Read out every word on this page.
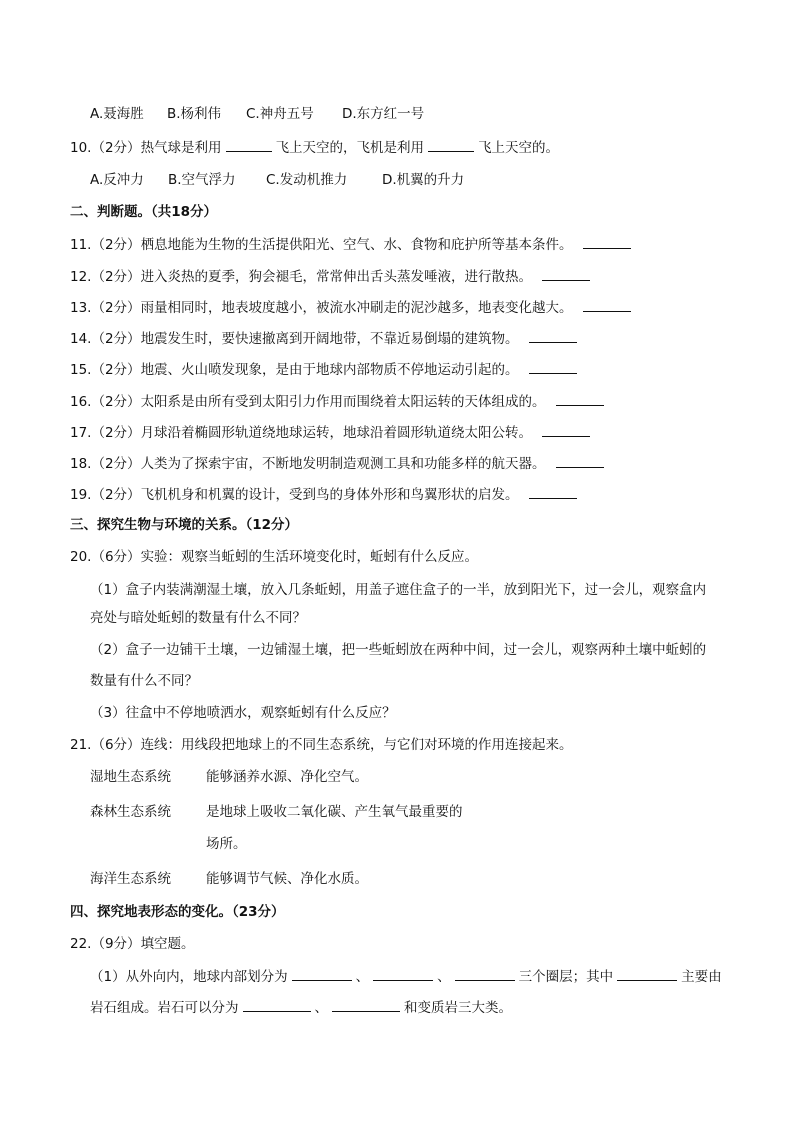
A.聂海胜 B.杨利伟 C.神舟五号 D.东方红一号
10.（2分）热气球是利用	飞上天空的，飞机是利用	飞上天空的。
A.反冲力 B.空气浮力 C.发动机推力	D.机翼的升力
二、判断题。（共18分）
11.（2分）栖息地能为生物的生活提供阳光、空气、水、食物和庇护所等基本条件。
12.（2分）进入炎热的夏季，狗会褪毛，常常伸出舌头蒸发唾液，进行散热。
13.（2分）雨量相同时，地表坡度越小，被流水冲刷走的泥沙越多，地表变化越大。
14.（2分）地震发生时，要快速撤离到开阔地带，不靠近易倒塌的建筑物。
15.（2分）地震、火山喷发现象，是由于地球内部物质不停地运动引起的。
16.（2分）太阳系是由所有受到太阳引力作用而围绕着太阳运转的天体组成的。
17.（2分）月球沿着椭圆形轨道绕地球运转，地球沿着圆形轨道绕太阳公转。
18.（2分）人类为了探索宇宙，不断地发明制造观测工具和功能多样的航天器。
19.（2分）飞机机身和机翼的设计，受到鸟的身体外形和鸟翼形状的启发。
三、探究生物与环境的关系。（12分）
20.（6分）实验：观察当蚯蚓的生活环境变化时，蚯蚓有什么反应。
（1）盒子内装满潮湿土壤，放入几条蚯蚓，用盖子遮住盒子的一半，放到阳光下，过一会儿，观察盒内
亮处与暗处蚯蚓的数量有什么不同？
（2）盒子一边铺干土壤，一边铺湿土壤，把一些蚯蚓放在两种中间，过一会儿，观察两种土壤中蚯蚓的
数量有什么不同？
（3）往盒中不停地喷洒水，观察蚯蚓有什么反应？
21.（6分）连线：用线段把地球上的不同生态系统，与它们对环境的作用连接起来。
湿地生态系统	能够涵养水源、净化空气。
森林生态系统	是地球上吸收二氧化碳、产生氧气最重要的
场所。
海洋生态系统	能够调节气候、净化水质。
四、探究地表形态的变化。（23分）
22.（9分）填空题。
（1）从外向内，地球内部划分为	、	、	三个圈层；其中	主要由
岩石组成。岩石可以分为	、	和变质岩三大类。
